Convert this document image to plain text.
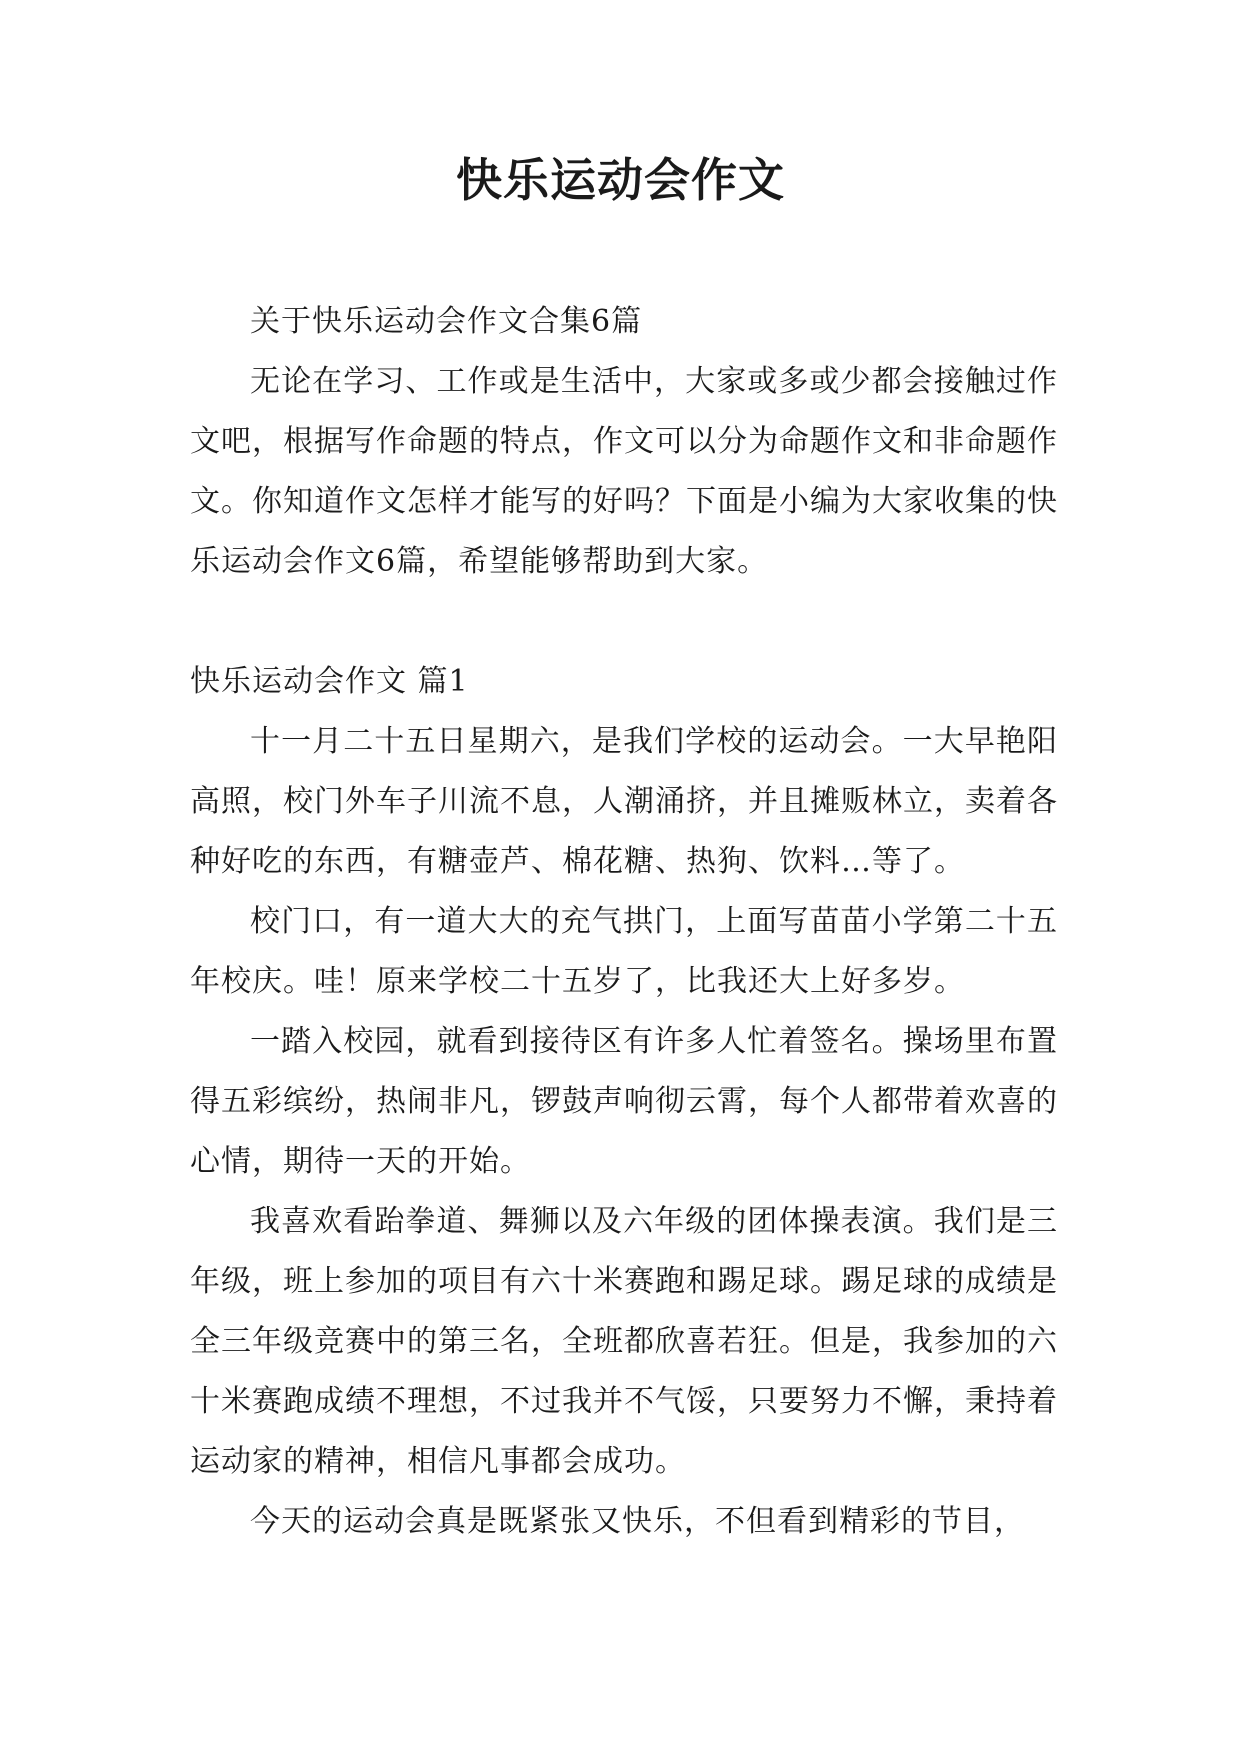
快乐运动会作文

关于快乐运动会作文合集6篇

无论在学习、工作或是生活中，大家或多或少都会接触过作文吧，根据写作命题的特点，作文可以分为命题作文和非命题作文。你知道作文怎样才能写的好吗？下面是小编为大家收集的快乐运动会作文6篇，希望能够帮助到大家。

快乐运动会作文 篇1

十一月二十五日星期六，是我们学校的运动会。一大早艳阳高照，校门外车子川流不息，人潮涌挤，并且摊贩林立，卖着各种好吃的东西，有糖壶芦、棉花糖、热狗、饮料…等了。

校门口，有一道大大的充气拱门，上面写苗苗小学第二十五年校庆。哇！原来学校二十五岁了，比我还大上好多岁。

一踏入校园，就看到接待区有许多人忙着签名。操场里布置得五彩缤纷，热闹非凡，锣鼓声响彻云霄，每个人都带着欢喜的心情，期待一天的开始。

我喜欢看跆拳道、舞狮以及六年级的团体操表演。我们是三年级，班上参加的项目有六十米赛跑和踢足球。踢足球的成绩是全三年级竞赛中的第三名，全班都欣喜若狂。但是，我参加的六十米赛跑成绩不理想，不过我并不气馁，只要努力不懈，秉持着运动家的精神，相信凡事都会成功。

今天的运动会真是既紧张又快乐，不但看到精彩的节目，
